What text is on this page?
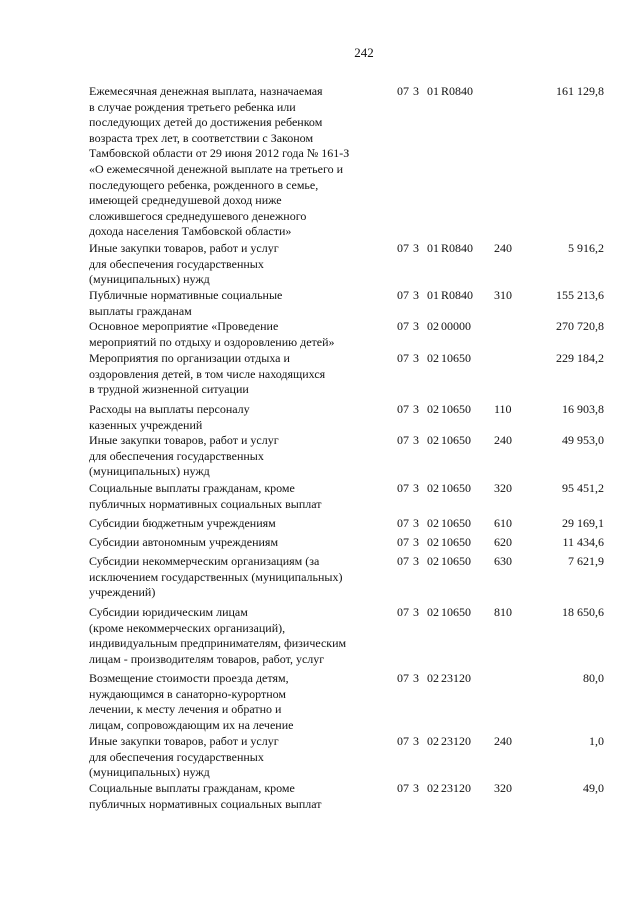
242
Ежемесячная денежная выплата, назначаемая
в случае рождения третьего ребенка или
последующих детей до достижения ребенком
возраста трех лет, в соответствии с Законом
Тамбовской области от 29 июня 2012 года № 161-З
«О ежемесячной денежной выплате на третьего и
последующего ребенка, рожденного в семье,
имеющей среднедушевой доход ниже
сложившегося среднедушевого денежного
дохода населения Тамбовской области»
07 3 01 R0840	161 129,8
Иные закупки товаров, работ и услуг
для обеспечения государственных
(муниципальных) нужд
07 3 01 R0840 240	5 916,2
Публичные нормативные социальные
выплаты гражданам
07 3 01 R0840 310	155 213,6
Основное мероприятие «Проведение
мероприятий по отдыху и оздоровлению детей»
07 3 02 00000	270 720,8
Мероприятия по организации отдыха и
оздоровления детей, в том числе находящихся
в трудной жизненной ситуации
07 3 02 10650	229 184,2
Расходы на выплаты персоналу
казенных учреждений
07 3 02 10650 110	16 903,8
Иные закупки товаров, работ и услуг
для обеспечения государственных
(муниципальных) нужд
07 3 02 10650 240	49 953,0
Социальные выплаты гражданам, кроме
публичных нормативных социальных выплат
07 3 02 10650 320	95 451,2
Субсидии бюджетным учреждениям	07 3 02 10650 610	29 169,1
Субсидии автономным учреждениям	07 3 02 10650 620	11 434,6
Субсидии некоммерческим организациям (за
исключением государственных (муниципальных)
учреждений)
07 3 02 10650 630	7 621,9
Субсидии юридическим лицам
(кроме некоммерческих организаций),
индивидуальным предпринимателям, физическим
лицам - производителям товаров, работ, услуг
07 3 02 10650 810	18 650,6
Возмещение стоимости проезда детям,
нуждающимся в санаторно-курортном
лечении, к месту лечения и обратно и
лицам, сопровождающим их на лечение
07 3 02 23120	80,0
Иные закупки товаров, работ и услуг
для обеспечения государственных
(муниципальных) нужд
07 3 02 23120 240	1,0
Социальные выплаты гражданам, кроме
публичных нормативных социальных выплат
07 3 02 23120 320	49,0
